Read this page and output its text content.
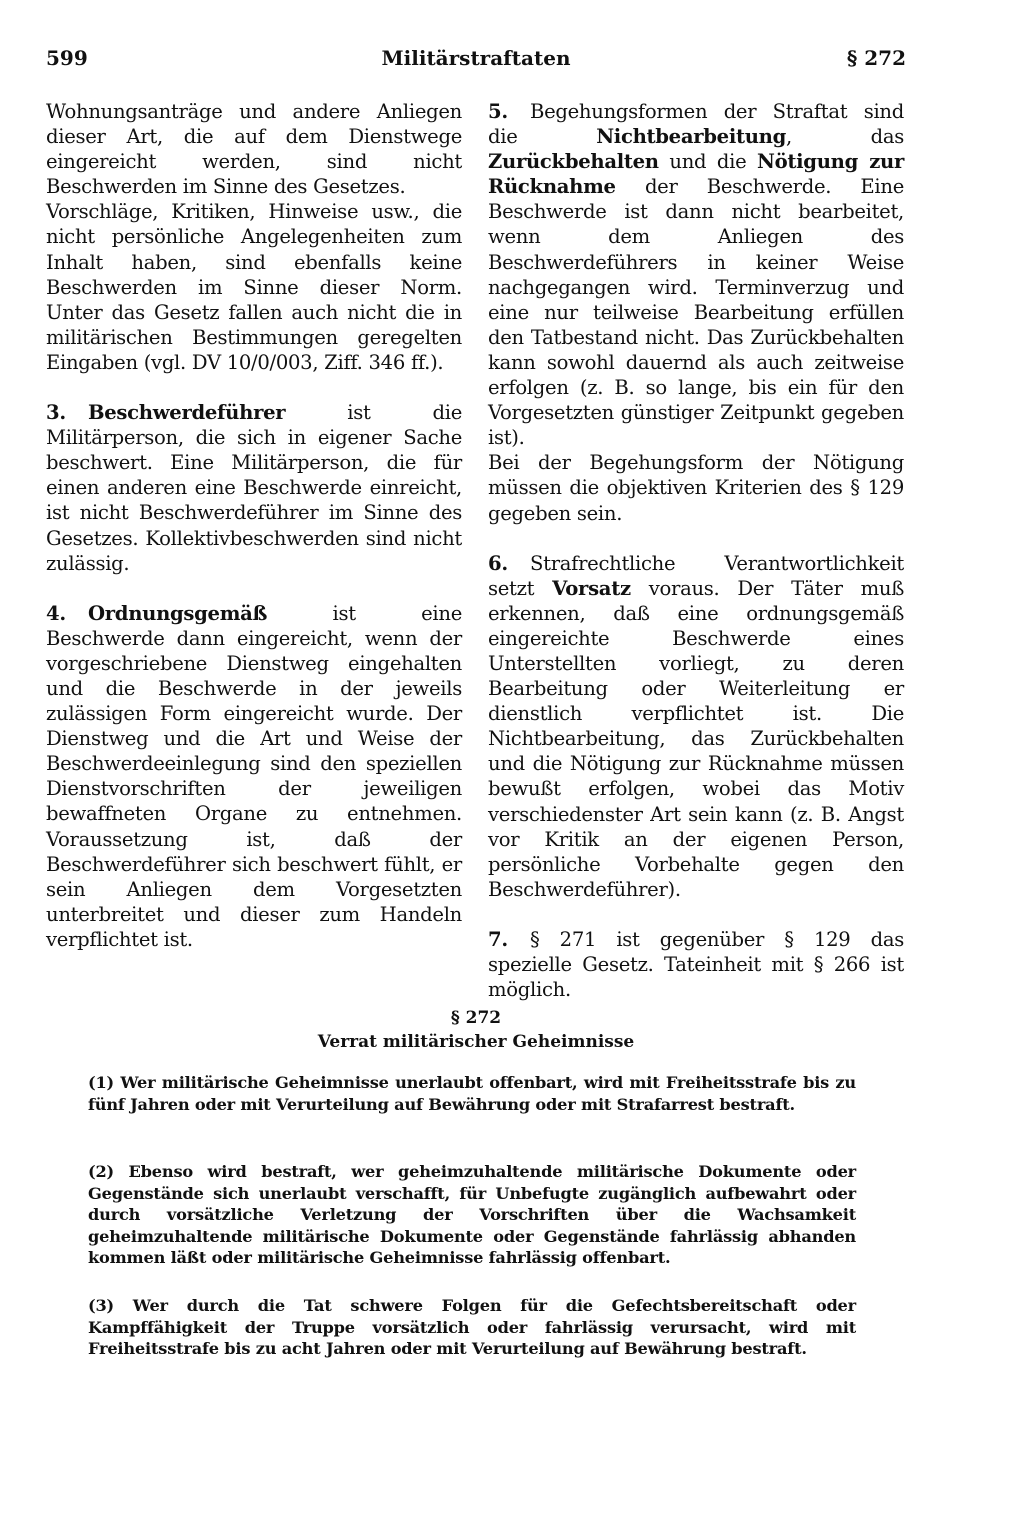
599	Militärstraftaten	§ 272

Wohnungsanträge und andere Anliegen dieser Art, die auf dem Dienstwege eingereicht werden, sind nicht Beschwerden im Sinne des Gesetzes.

Vorschläge, Kritiken, Hinweise usw., die nicht persönliche Angelegenheiten zum Inhalt haben, sind ebenfalls keine Beschwerden im Sinne dieser Norm. Unter das Gesetz fallen auch nicht die in militärischen Bestimmungen geregelten Eingaben (vgl. DV 10/0/003, Ziff. 346 ff.).

3. Beschwerdeführer ist die Militärperson, die sich in eigener Sache beschwert. Eine Militärperson, die für einen anderen eine Beschwerde einreicht, ist nicht Beschwerdeführer im Sinne des Gesetzes. Kollektivbeschwerden sind nicht zulässig.

4. Ordnungsgemäß ist eine Beschwerde dann eingereicht, wenn der vorgeschriebene Dienstweg eingehalten und die Beschwerde in der jeweils zulässigen Form eingereicht wurde. Der Dienstweg und die Art und Weise der Beschwerdeeinlegung sind den speziellen Dienstvorschriften der jeweiligen bewaffneten Organe zu entnehmen. Voraussetzung ist, daß der Beschwerdeführer sich beschwert fühlt, er sein Anliegen dem Vorgesetzten unterbreitet und dieser zum Handeln verpflichtet ist.

5. Begehungsformen der Straftat sind die Nichtbearbeitung, das Zurückbehalten und die Nötigung zur Rücknahme der Beschwerde. Eine Beschwerde ist dann nicht bearbeitet, wenn dem Anliegen des Beschwerdeführers in keiner Weise nachgegangen wird. Terminverzug und eine nur teilweise Bearbeitung erfüllen den Tatbestand nicht. Das Zurückbehalten kann sowohl dauernd als auch zeitweise erfolgen (z. B. so lange, bis ein für den Vorgesetzten günstiger Zeitpunkt gegeben ist).

Bei der Begehungsform der Nötigung müssen die objektiven Kriterien des § 129 gegeben sein.

6. Strafrechtliche Verantwortlichkeit setzt Vorsatz voraus. Der Täter muß erkennen, daß eine ordnungsgemäß eingereichte Beschwerde eines Unterstellten vorliegt, zu deren Bearbeitung oder Weiterleitung er dienstlich verpflichtet ist. Die Nichtbearbeitung, das Zurückbehalten und die Nötigung zur Rücknahme müssen bewußt erfolgen, wobei das Motiv verschiedenster Art sein kann (z. B. Angst vor Kritik an der eigenen Person, persönliche Vorbehalte gegen den Beschwerdeführer).

7. § 271 ist gegenüber § 129 das spezielle Gesetz. Tateinheit mit § 266 ist möglich.

§ 272
Verrat militärischer Geheimnisse

(1) Wer militärische Geheimnisse unerlaubt offenbart, wird mit Freiheitsstrafe bis zu fünf Jahren oder mit Verurteilung auf Bewährung oder mit Strafarrest bestraft.

(2) Ebenso wird bestraft, wer geheimzuhaltende militärische Dokumente oder Gegenstände sich unerlaubt verschafft, für Unbefugte zugänglich aufbewahrt oder durch vorsätzliche Verletzung der Vorschriften über die Wachsamkeit geheimzuhaltende militärische Dokumente oder Gegenstände fahrlässig abhanden kommen läßt oder militärische Geheimnisse fahrlässig offenbart.

(3) Wer durch die Tat schwere Folgen für die Gefechtsbereitschaft oder Kampffähigkeit der Truppe vorsätzlich oder fahrlässig verursacht, wird mit Freiheitsstrafe bis zu acht Jahren oder mit Verurteilung auf Bewährung bestraft.
